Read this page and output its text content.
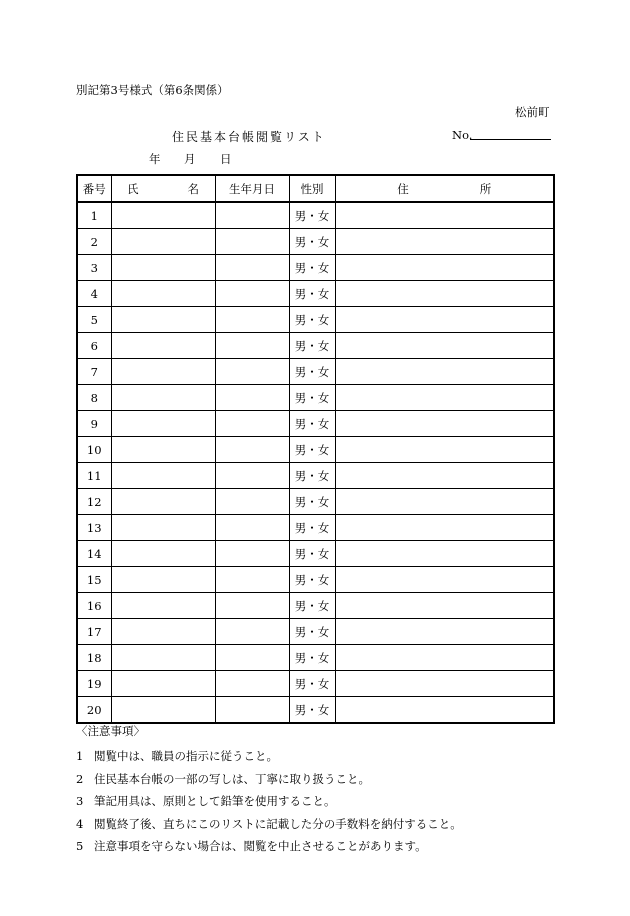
別記第3号様式（第6条関係）
松前町
住民基本台帳閲覧リスト	No.
年 月 日
番号	氏 名	生年月日	性別	住 所

1			男・女	
2			男・女	
3			男・女	
4			男・女	
5			男・女	
6			男・女	
7			男・女	
8			男・女	
9			男・女	
10			男・女	
11			男・女	
12			男・女	
13			男・女	
14			男・女	
15			男・女	
16			男・女	
17			男・女	
18			男・女	
19			男・女	
20			男・女	
〈注意事項〉
1 閲覧中は、職員の指示に従うこと。
2 住民基本台帳の一部の写しは、丁寧に取り扱うこと。
3 筆記用具は、原則として鉛筆を使用すること。
4 閲覧終了後、直ちにこのリストに記載した分の手数料を納付すること。
5 注意事項を守らない場合は、閲覧を中止させることがあります。
